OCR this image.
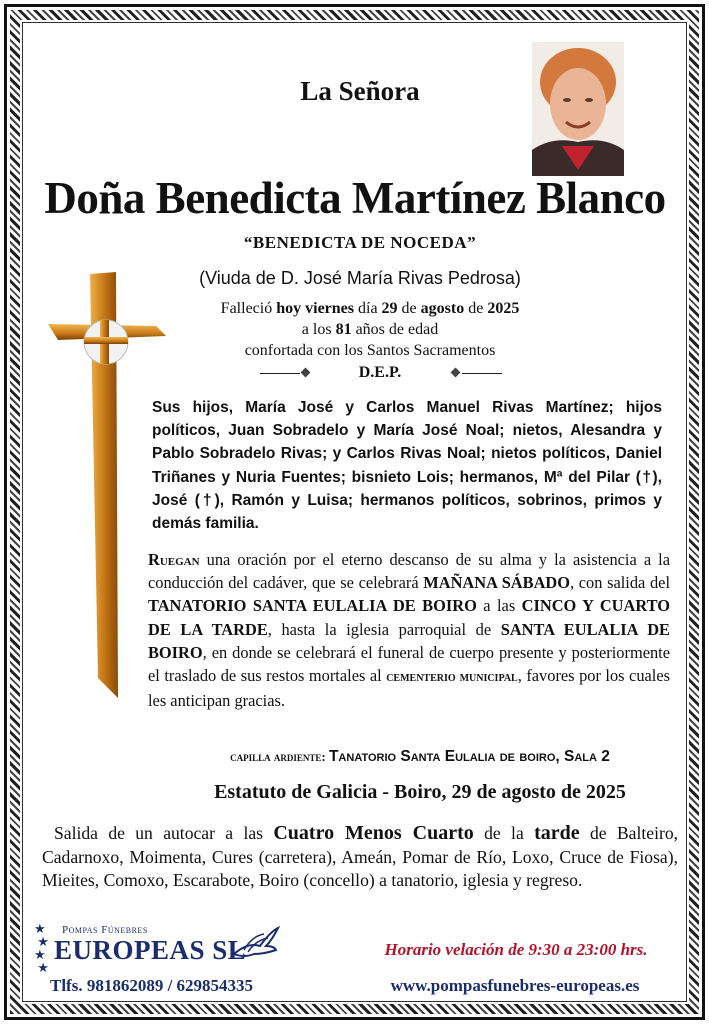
La Señora
Doña Benedicta Martínez Blanco
“BENEDICTA DE NOCEDA”
(Viuda de D. José María Rivas Pedrosa)
Falleció hoy viernes día 29 de agosto de 2025
a los 81 años de edad
confortada con los Santos Sacramentos
D.E.P.
Sus hijos, María José y Carlos Manuel Rivas Martínez; hijos políticos, Juan Sobradelo y María José Noal; nietos, Alesandra y Pablo Sobradelo Rivas; y Carlos Rivas Noal; nietos políticos, Daniel Triñanes y Nuria Fuentes; bisnieto Lois; hermanos, Mª del Pilar (†), José (†), Ramón y Luisa; hermanos políticos, sobrinos, primos y demás familia.
Ruegan una oración por el eterno descanso de su alma y la asistencia a la conducción del cadáver, que se celebrará MAÑANA SÁBADO, con salida del TANATORIO SANTA EULALIA DE BOIRO a las CINCO Y CUARTO DE LA TARDE, hasta la iglesia parroquial de SANTA EULALIA DE BOIRO, en donde se celebrará el funeral de cuerpo presente y posteriormente el traslado de sus restos mortales al cementerio municipal, favores por los cuales les anticipan gracias.
capilla ardiente: Tanatorio Santa Eulalia de boiro, Sala 2
Estatuto de Galicia - Boiro, 29 de agosto de 2025
Salida de un autocar a las Cuatro Menos Cuarto de la tarde de Balteiro, Cadarnoxo, Moimenta, Cures (carretera), Ameán, Pomar de Río, Loxo, Cruce de Fiosa), Mieites, Comoxo, Escarabote, Boiro (concello) a tanatorio, iglesia y regreso.
★
★
★
★
Pompas Fúnebres
EUROPEAS SL	Horario velación de 9:30 a 23:00 hrs.
Tlfs. 981862089 / 629854335	www.pompasfunebres-europeas.es
